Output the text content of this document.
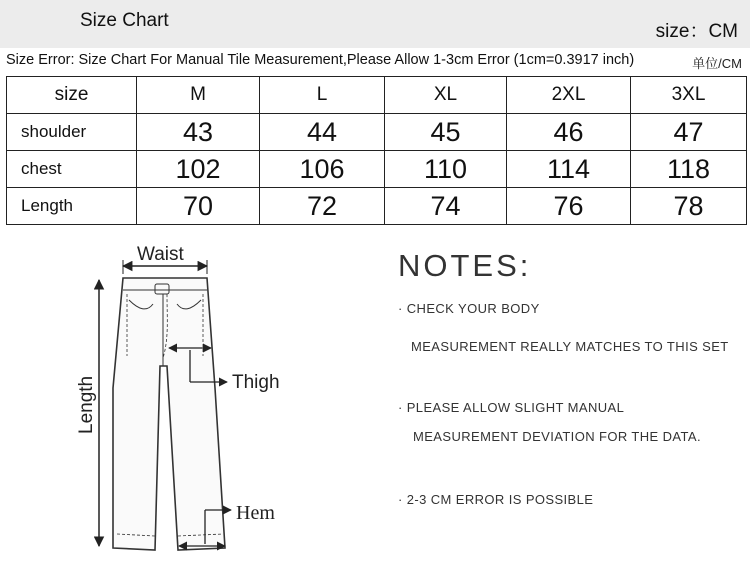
Size Chart
size：CM
Size Error: Size Chart For Manual Tile Measurement,Please Allow 1-3cm Error (1cm=0.3917 inch)	单位/CM
size	M	L	XL	2XL	3XL
shoulder	43	44	45	46	47
chest	102	106	110	114	118
Length	70	72	74	76	78
Waist
Length	Thigh
Hem
NOTES:
· CHECK YOUR BODY
MEASUREMENT REALLY MATCHES TO THIS SET
· PLEASE ALLOW SLIGHT MANUAL
MEASUREMENT DEVIATION FOR THE DATA.
· 2-3 CM ERROR IS POSSIBLE
